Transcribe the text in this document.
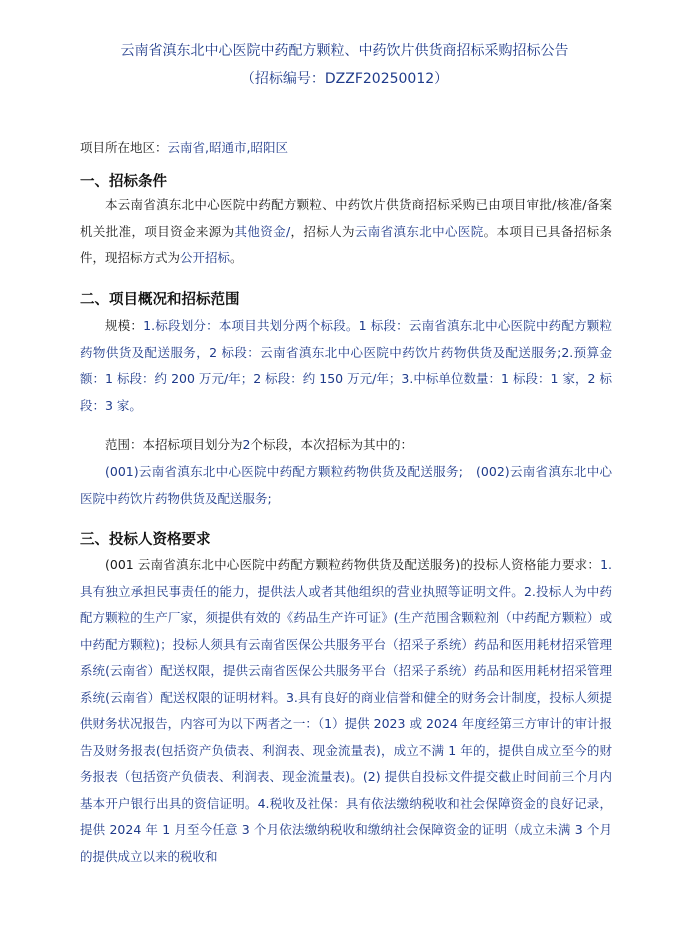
云南省滇东北中心医院中药配方颗粒、中药饮片供货商招标采购招标公告
（招标编号：DZZF20250012）
项目所在地区：云南省,昭通市,昭阳区
一、招标条件

本云南省滇东北中心医院中药配方颗粒、中药饮片供货商招标采购已由项目审批/核准/备案机关批准，项目资金来源为其他资金/，招标人为云南省滇东北中心医院。本项目已具备招标条件，现招标方式为公开招标。

二、项目概况和招标范围

规模：1.标段划分：本项目共划分两个标段。1 标段：云南省滇东北中心医院中药配方颗粒药物供货及配送服务，2 标段：云南省滇东北中心医院中药饮片药物供货及配送服务;2.预算金额：1 标段：约 200 万元/年；2 标段：约 150 万元/年；3.中标单位数量：1 标段：1 家，2 标段：3 家。

范围：本招标项目划分为2个标段，本次招标为其中的：

(001)云南省滇东北中心医院中药配方颗粒药物供货及配送服务;　(002)云南省滇东北中心医院中药饮片药物供货及配送服务;

三、投标人资格要求

(001 云南省滇东北中心医院中药配方颗粒药物供货及配送服务)的投标人资格能力要求：1.具有独立承担民事责任的能力，提供法人或者其他组织的营业执照等证明文件。2.投标人为中药配方颗粒的生产厂家，须提供有效的《药品生产许可证》(生产范围含颗粒剂（中药配方颗粒）或中药配方颗粒)；投标人须具有云南省医保公共服务平台（招采子系统）药品和医用耗材招采管理系统(云南省）配送权限，提供云南省医保公共服务平台（招采子系统）药品和医用耗材招采管理系统(云南省）配送权限的证明材料。3.具有良好的商业信誉和健全的财务会计制度，投标人须提供财务状况报告，内容可为以下两者之一：（1）提供 2023 或 2024 年度经第三方审计的审计报告及财务报表(包括资产负债表、利润表、现金流量表)，成立不满 1 年的，提供自成立至今的财务报表（包括资产负债表、利润表、现金流量表)。(2) 提供自投标文件提交截止时间前三个月内基本开户银行出具的资信证明。4.税收及社保：具有依法缴纳税收和社会保障资金的良好记录，提供 2024 年 1 月至今任意 3 个月依法缴纳税收和缴纳社会保障资金的证明（成立未满 3 个月的提供成立以来的税收和
